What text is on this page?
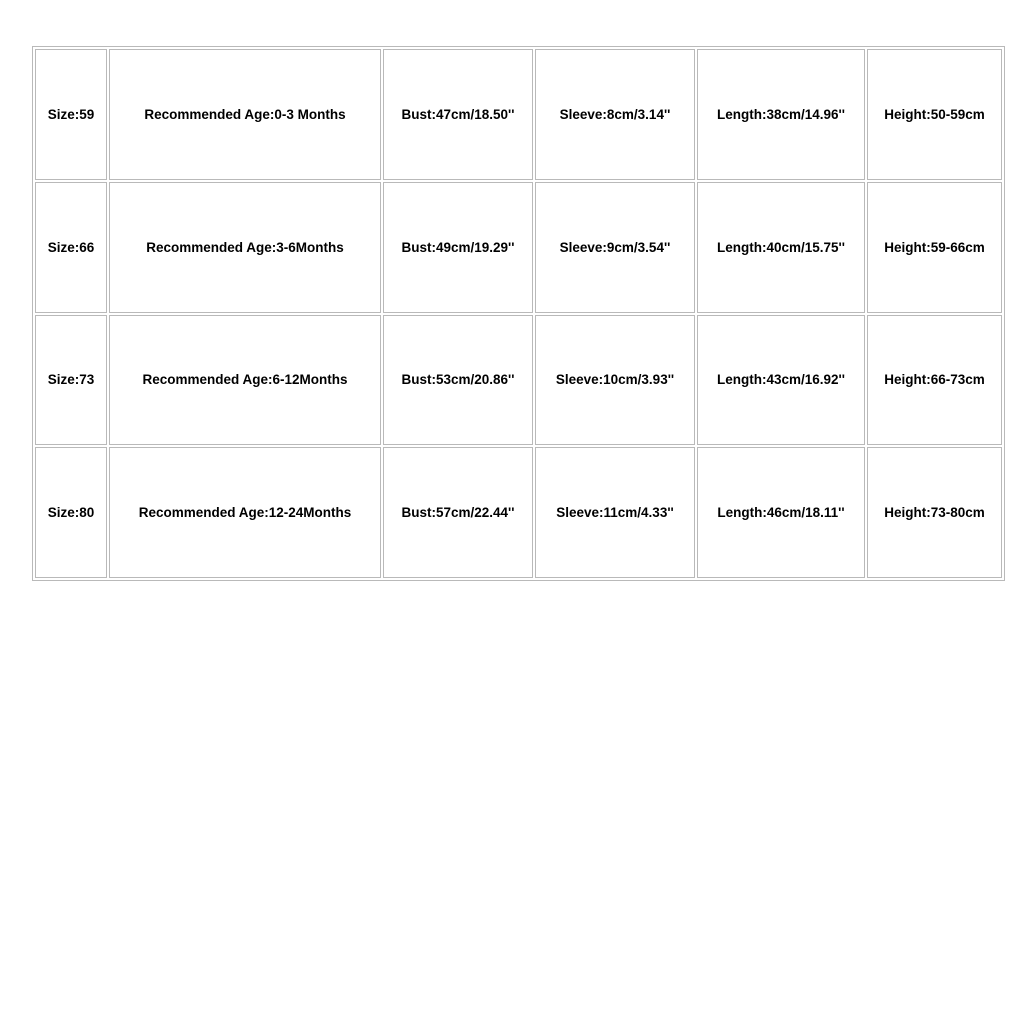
Size:59	Recommended Age:0-3 Months	Bust:47cm/18.50''	Sleeve:8cm/3.14''	Length:38cm/14.96''	Height:50-59cm
Size:66	Recommended Age:3-6Months	Bust:49cm/19.29''	Sleeve:9cm/3.54''	Length:40cm/15.75''	Height:59-66cm
Size:73	Recommended Age:6-12Months	Bust:53cm/20.86''	Sleeve:10cm/3.93''	Length:43cm/16.92''	Height:66-73cm
Size:80	Recommended Age:12-24Months	Bust:57cm/22.44''	Sleeve:11cm/4.33''	Length:46cm/18.11''	Height:73-80cm
